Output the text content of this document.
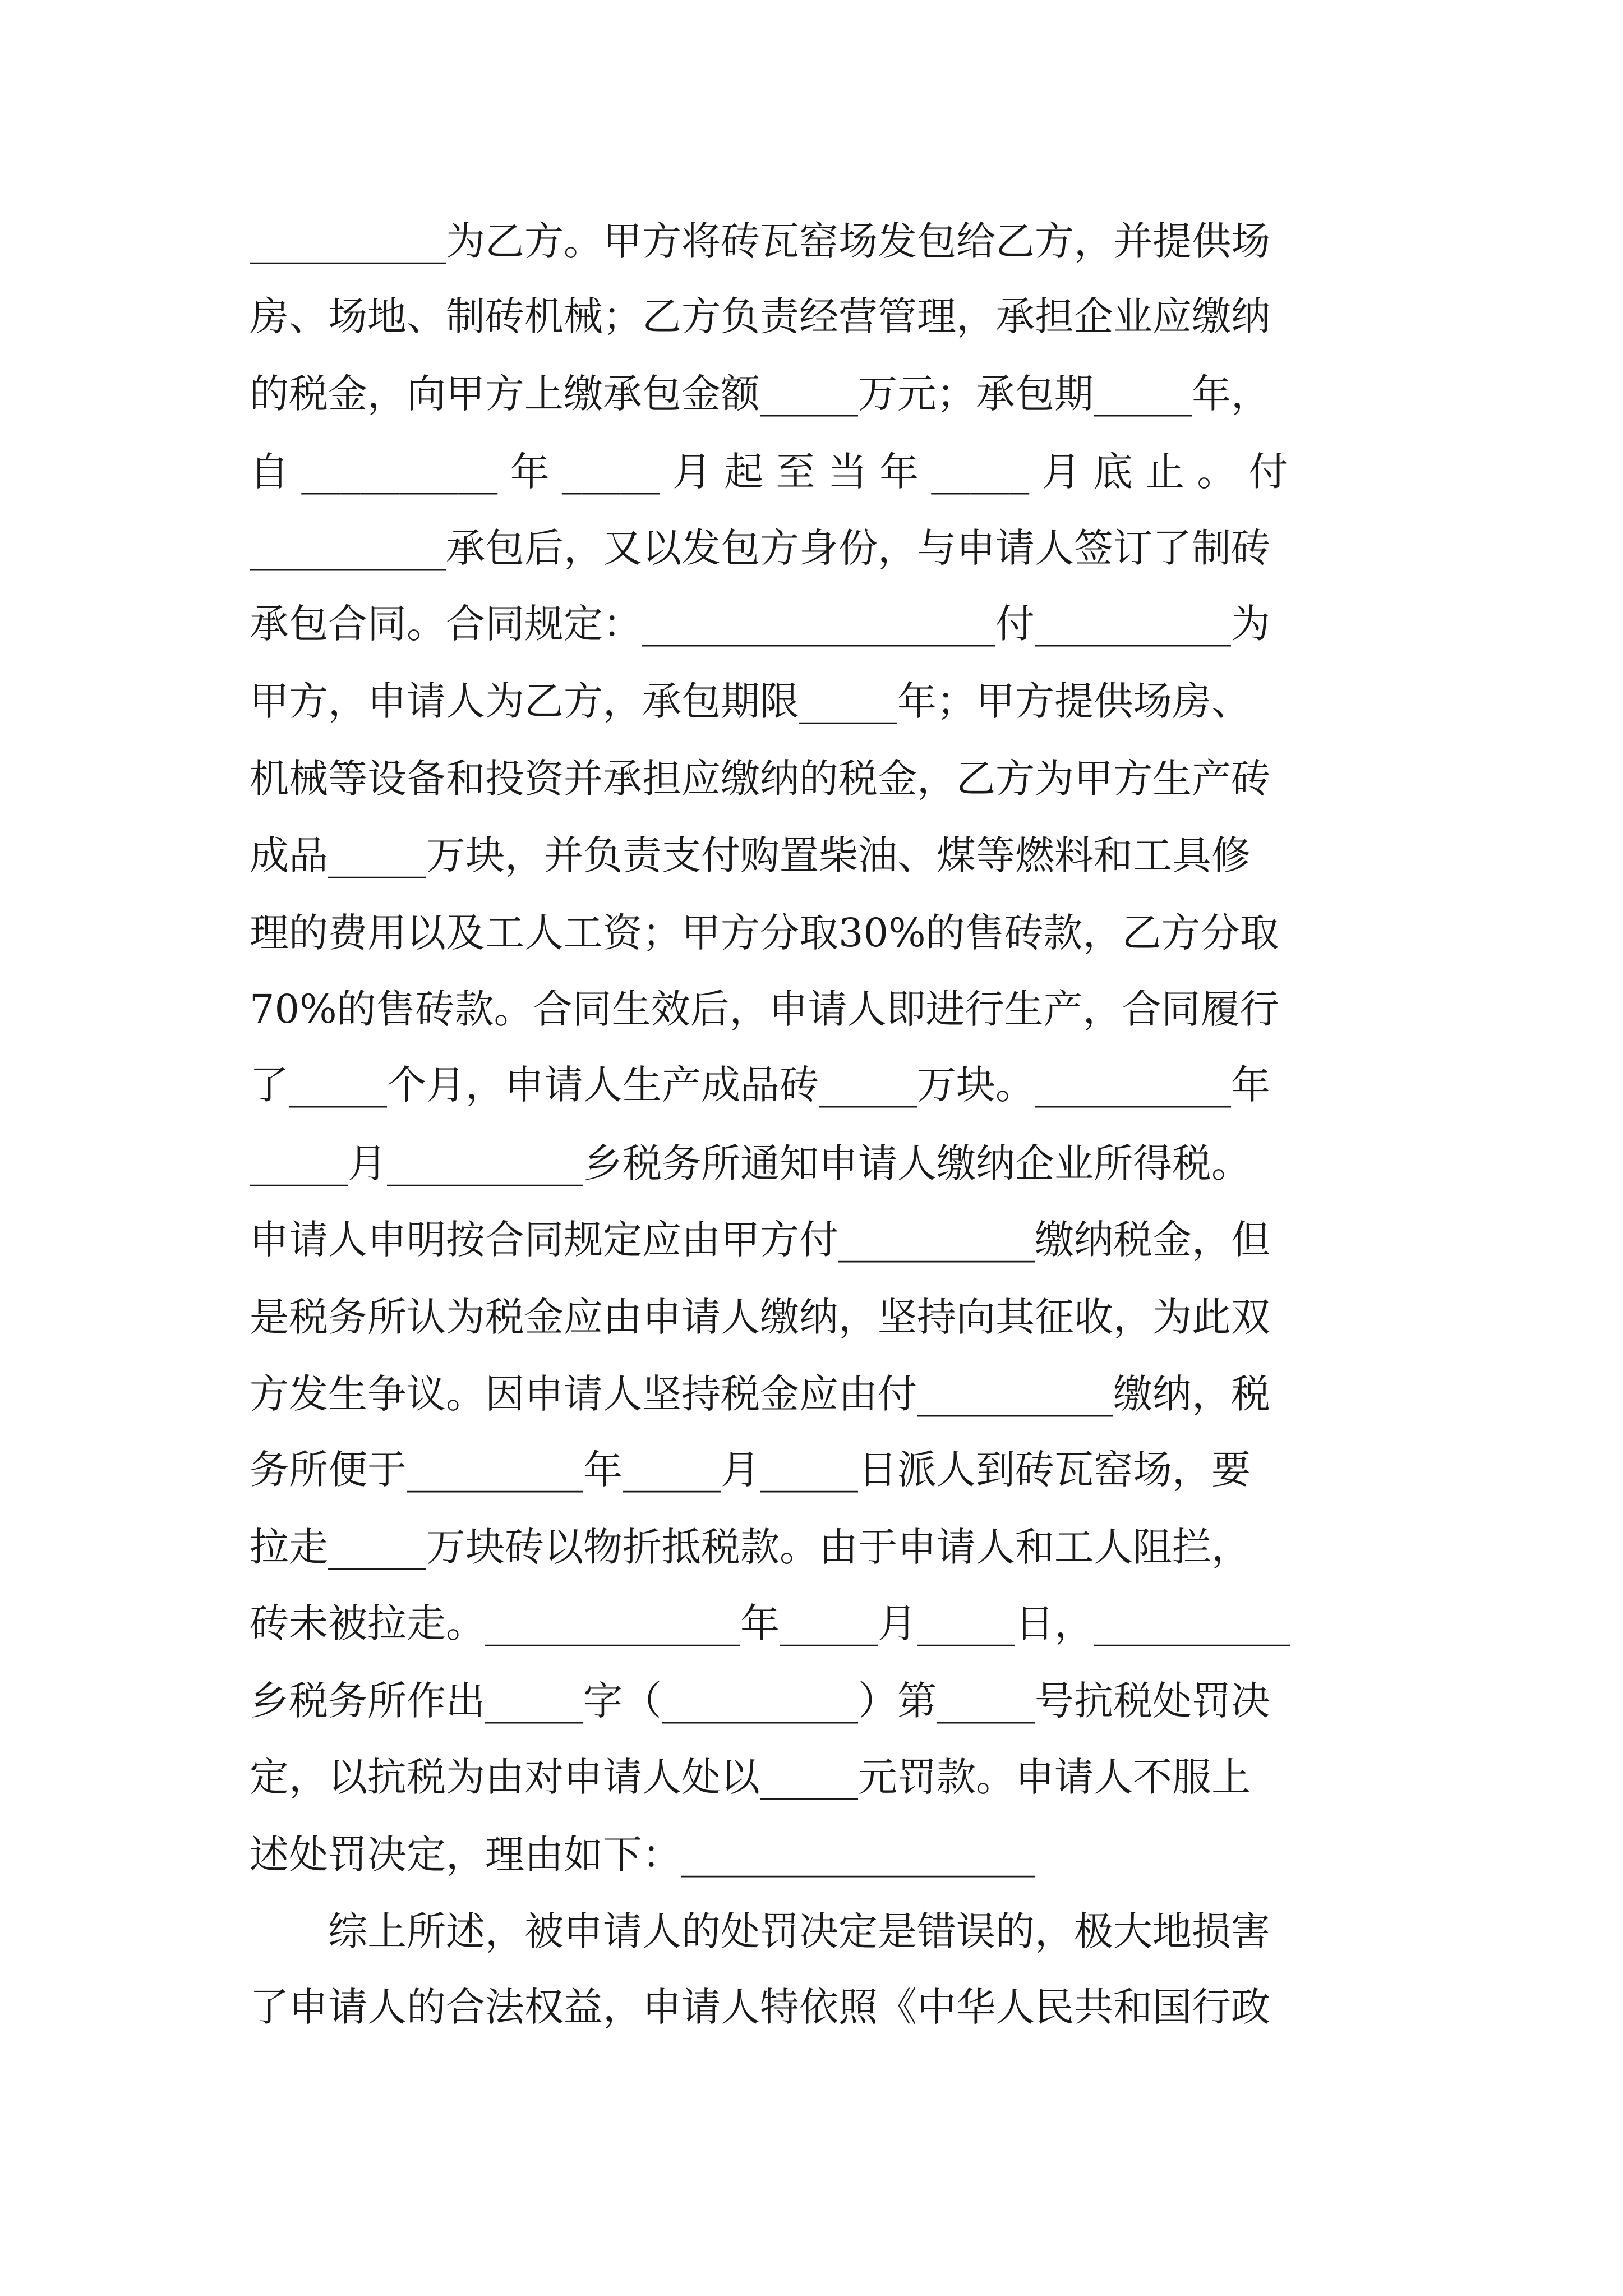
__________为乙方。甲方将砖瓦窑场发包给乙方，并提供场
房、场地、制砖机械；乙方负责经营管理，承担企业应缴纳
的税金，向甲方上缴承包金额_____万元；承包期_____年，
自 __________ 年 _____ 月 起 至 当 年 _____ 月 底 止 。 付
__________承包后，又以发包方身份，与申请人签订了制砖
承包合同。合同规定：__________________付__________为
甲方，申请人为乙方，承包期限_____年；甲方提供场房、
机械等设备和投资并承担应缴纳的税金，乙方为甲方生产砖
成品_____万块，并负责支付购置柴油、煤等燃料和工具修
理的费用以及工人工资；甲方分取30%的售砖款，乙方分取
70%的售砖款。合同生效后，申请人即进行生产，合同履行
了_____个月，申请人生产成品砖_____万块。__________年
_____月__________乡税务所通知申请人缴纳企业所得税。
申请人申明按合同规定应由甲方付__________缴纳税金，但
是税务所认为税金应由申请人缴纳，坚持向其征收，为此双
方发生争议。因申请人坚持税金应由付__________缴纳，税
务所便于_________年_____月_____日派人到砖瓦窑场，要
拉走_____万块砖以物折抵税款。由于申请人和工人阻拦，
砖未被拉走。_____________年_____月_____日，__________
乡税务所作出_____字（__________）第_____号抗税处罚决
定，以抗税为由对申请人处以_____元罚款。申请人不服上
述处罚决定，理由如下：__________________
　　综上所述，被申请人的处罚决定是错误的，极大地损害
了申请人的合法权益，申请人特依照《中华人民共和国行政
